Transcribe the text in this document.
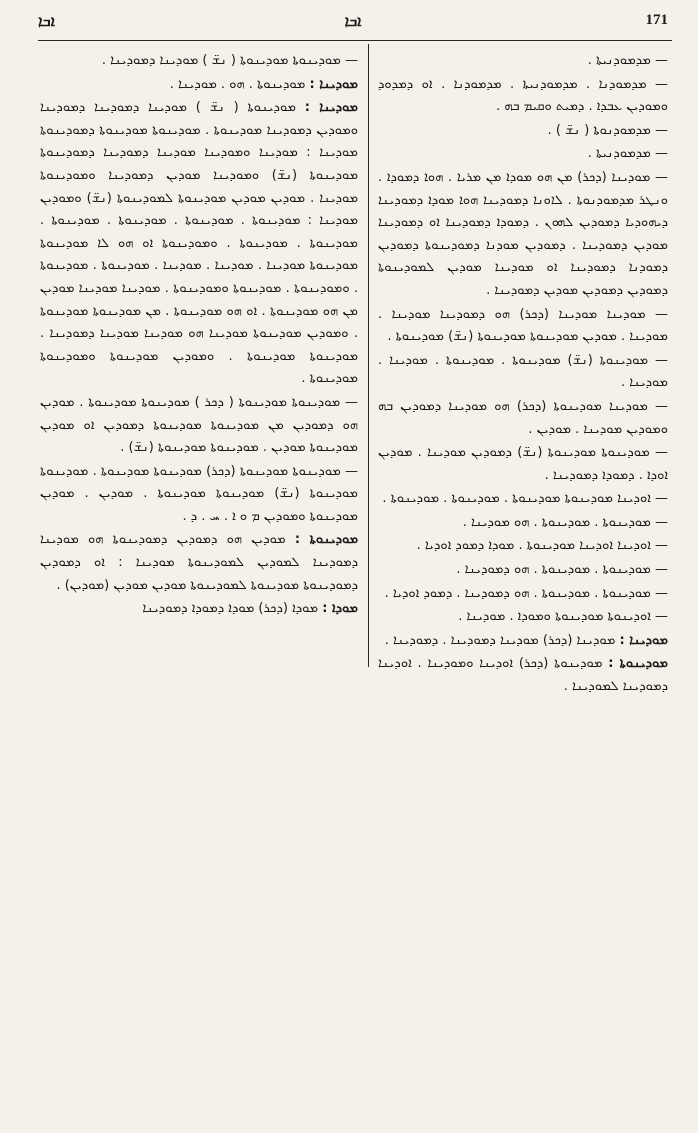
ܐܒܐ	ܐܒܐ	171
— ܡܕܡܘܕܢܝܬܐ .
— ܡܕܡܘܕܢܐ . ܡܕܡܘܕܢܝܬܐ . ܡܕܡܘܕܢܐ . ܐܘ ܕܡܕܘܕ ܘܡܘܕܝܢ ܥܒܕܐ . ܕܡܝܬ ܘܩܝܡ ܒܗ .
— ܡܕܡܘܕܢܘܬܐ ( ܢܫ̈ ) .
— ܡܕܡܘܕܢܝܬܐ .
— ܡܘܕܝܢܐ (ܕܟܪ) ܡܢ ܗܘ ܡܘܕܐ ܡܢ ܡܪܝܐ . ܗܘܐ ܕܡܘܕܐ . ܘܢܛܪ ܡܕܡܘܕܢܘܬܐ . ܠܐܘܢܐ ܕܡܘܕܝܢܐ ܗܘܐ ܡܘܕܐ ܕܡܘܕܝܢܐ ܕܝܗܘܕܝܐ ܕܡܘܕܝܢ ܠܗܘܢ . ܕܡܘܕܐ ܕܡܘܕܝܢܐ ܐܘ ܕܡܘܕܝܢܐ ܡܘܕܝܢ ܕܡܘܕܝܢܐ . ܕܡܘܕܝܢ ܡܘܕܢܐ ܕܡܘܕܝܢܘܬܐ ܕܡܘܕܝܢ ܕܡܘܕܢܐ ܕܡܘܕܝܢܐ ܐܘ ܡܘܕܝܢܐ ܡܘܕܝܢ ܠܡܘܕܝܢܘܬܐ ܕܡܘܕܝܢ ܕܡܘܕܝܢ ܡܘܕܝܢ ܕܡܘܕܝܢܐ .
— ܡܘܕܝܢܐ ܡܘܕܝܢܐ (ܕܟܪ) ܗܘ ܕܡܘܕܝܢܐ ܡܘܕܝܢܐ . ܡܘܕܝܢܐ . ܡܘܕܝܢ ܡܘܕܝܢܘܬܐ ܡܘܕܝܢܘܬܐ (ܢܫ̈) ܡܘܕܝܢܘܬܐ .
— ܡܘܕܝܢܘܬܐ (ܢܫ̈) ܡܘܕܝܢܘܬܐ . ܡܘܕܝܢܘܬܐ . ܡܘܕܝܢܐ . ܡܘܕܝܢܐ .
— ܡܘܕܝܢܐ ܡܘܕܝܢܘܬܐ (ܕܟܪ) ܗܘ ܡܘܕܝܢܐ ܕܡܘܕܝܢ ܒܗ ܘܡܘܕܝܢ ܡܘܕܝܢܐ . ܡܘܕܝܢ .
— ܡܘܕܝܢܘܬܐ ܡܘܕܝܢܘܬܐ (ܢܫ̈) ܕܡܘܕܝܢ ܡܘܕܝܢܐ . ܡܘܕܝܢ ܐܘܕܐ . ܕܡܘܕܐ ܕܡܘܕܝܢܐ .
— ܐܘܕܝܢܐ ܡܘܕܝܢܘܬܐ ܡܘܕܝܢܘܬܐ . ܡܘܕܝܢܘܬܐ . ܡܘܕܝܢܘܬܐ .
— ܡܘܕܝܢܘܬܐ . ܡܘܕܝܢܘܬܐ . ܗܘ ܡܘܕܝܢܐ .
— ܐܘܕܝܢܐ ܐܘܕܝܢܐ ܡܘܕܝܢܘܬܐ . ܡܘܕܐ ܕܡܘܕ ܐܘܕܝܐ .
— ܡܘܕܝܢܘܬܐ . ܡܘܕܝܢܘܬܐ . ܗܘ ܕܡܘܕܝܢܐ .
— ܡܘܕܝܢܘܬܐ . ܡܘܕܝܢܘܬܐ . ܗܘ ܕܡܘܕܝܢܐ . ܕܡܘܕ ܐܘܕܝܐ .
— ܐܘܕܝܢܘܬܐ ܡܘܕܝܢܘܬܐ ܘܡܘܕܐ . ܡܘܕܝܢܐ .
ܡܘܕܝܢܐ : ܡܘܕܝܢܐ (ܕܟܪ) ܡܘܕܝܢܐ ܕܡܘܕܝܢܐ . ܕܡܘܕܝܢܐ .
ܡܘܕܝܢܘܬܐ : ܡܘܕܝܢܘܬܐ (ܕܟܪ) ܐܘܕܝܢܐ ܘܡܘܕܝܢܐ . ܐܘܕܝܢܐ ܕܡܘܕܝܢܐ ܠܡܘܕܝܢܐ .
— ܡܘܕܝܢܘܬܐ ܡܘܕܝܢܘܬܐ ( ܢܫ̈ ) ܡܘܕܝܢܐ ܕܡܘܕܝܢܐ .
ܡܘܕܝܢܐ : ܡܘܕܝܢܘܬܐ . ܗܘ . ܡܘܕܝܢܐ .
ܡܘܕܝܢܐ : ܡܘܕܝܢܘܬܐ ( ܢܫ̈ ) ܡܘܕܝܢܐ ܕܡܘܕܝܢܐ ܕܡܘܕܝܢܐ ܘܡܘܕܝܢ ܕܡܘܕܝܢܐ ܡܘܕܝܢܘܬܐ . ܡܘܕܝܢܘܬܐ ܡܘܕܝܢܘܬܐ ܕܡܘܕܝܢܘܬܐ ܡܘܕܝܢܐ : ܡܘܕܝܢܐ ܘܡܘܕܝܢܐ ܡܘܕܝܢܐ ܕܡܘܕܝܢܐ ܕܡܘܕܝܢܘܬܐ ܡܘܕܝܢܘܬܐ (ܢܫ̈) ܘܡܘܕܝܢܐ ܡܘܕܝܢ ܕܡܘܕܝܢܐ ܘܡܘܕܝܢܘܬܐ ܡܘܕܝܢܐ . ܡܘܕܝܢ ܡܘܕܝܢ ܡܘܕܝܢܘܬܐ ܠܡܘܕܝܢܘܬܐ (ܢܫ̈) ܘܡܘܕܝܢ ܡܘܕܝܢܐ : ܡܘܕܝܢܘܬܐ . ܡܘܕܝܢܘܬܐ . ܡܘܕܝܢܘܬܐ . ܡܘܕܝܢܘܬܐ . ܡܘܕܝܢܘܬܐ . ܡܘܕܝܢܘܬܐ . ܘܡܘܕܝܢܘܬܐ ܐܘ ܗܘ ܠܐ ܡܘܕܝܢܘܬܐ ܡܘܕܝܢܘܬܐ ܡܘܕܝܢܐ . ܡܘܕܝܢܐ . ܡܘܕܝܢܐ . ܡܘܕܝܢܘܬܐ . ܡܘܕܝܢܘܬܐ . ܘܡܘܕܝܢܘܬܐ . ܡܘܕܝܢܘܬܐ ܘܡܘܕܝܢܘܬܐ . ܡܘܕܝܢܐ ܡܘܕܝܢܐ ܡܘܕܝܢ ܡܢ ܗܘ ܡܘܕܝܢܘܬܐ . ܐܘ ܗܘ ܡܘܕܝܢܘܬܐ . ܡܢ ܡܘܕܝܢܘܬܐ ܡܘܕܝܢܘܬܐ . ܘܡܘܕܝܢ ܡܘܕܝܢܘܬܐ ܡܘܕܝܢܐ ܗܘ ܡܘܕܝܢܐ ܡܘܕܝܢܐ ܕܡܘܕܝܢܐ . ܡܘܕܝܢܘܬܐ ܡܘܕܝܢܘܬܐ . ܘܡܘܕܝܢ ܡܘܕܝܢܘܬܐ ܘܡܘܕܝܢܘܬܐ ܡܘܕܝܢܘܬܐ .
— ܡܘܕܝܢܘܬܐ ܡܘܕܝܢܘܬܐ ( ܕܟܪ ) ܡܘܕܝܢܘܬܐ ܡܘܕܝܢܘܬܐ . ܡܘܕܝܢ ܗܘ ܕܡܘܕܝܢ ܡܢ ܡܘܕܝܢܘܬܐ ܡܘܕܝܢܘܬܐ ܕܡܘܕܝܢ ܐܘ ܡܘܕܝܢ ܡܘܕܝܢܘܬܐ ܡܘܕܝܢ . ܡܘܕܝܢܘܬܐ ܡܘܕܝܢܘܬܐ (ܢܫ̈) .
— ܡܘܕܝܢܘܬܐ ܡܘܕܝܢܘܬܐ (ܕܟܪ) ܡܘܕܝܢܘܬܐ ܡܘܕܝܢܘܬܐ . ܡܘܕܝܢܘܬܐ ܡܘܕܝܢܘܬܐ (ܢܫ̈) ܡܘܕܝܢܘܬܐ ܡܘܕܝܢܘܬܐ . ܡܘܕܝܢ . ܡܘܕܝܢ ܡܘܕܝܢܘܬܐ ܘܡܘܕܝܢ ܡ ܘ ܐ . ܚ . ܕ .
ܡܘܕܝܢܘܬܐ : ܡܘܕܝܢ ܗܘ ܕܡܘܕܝܢ ܕܡܘܕܝܢܘܬܐ ܗܘ ܡܘܕܝܢܐ ܕܡܘܕܝܢܐ ܠܡܘܕܝܢ ܠܡܘܕܝܢܘܬܐ ܡܘܕܝܢܐ : ܐܘ ܕܡܘܕܝܢ ܕܡܘܕܝܢܘܬܐ ܡܘܕܝܢܘܬܐ ܠܡܘܕܝܢܘܬܐ ܡܘܕܝܢ ܡܘܕܝܢ (ܡܘܕܝܢ) .
ܡܘܕܐ : ܡܘܕܐ (ܕܟܪ) ܡܘܕܐ ܕܡܘܕܐ ܕܡܘܕܝܢܐ
